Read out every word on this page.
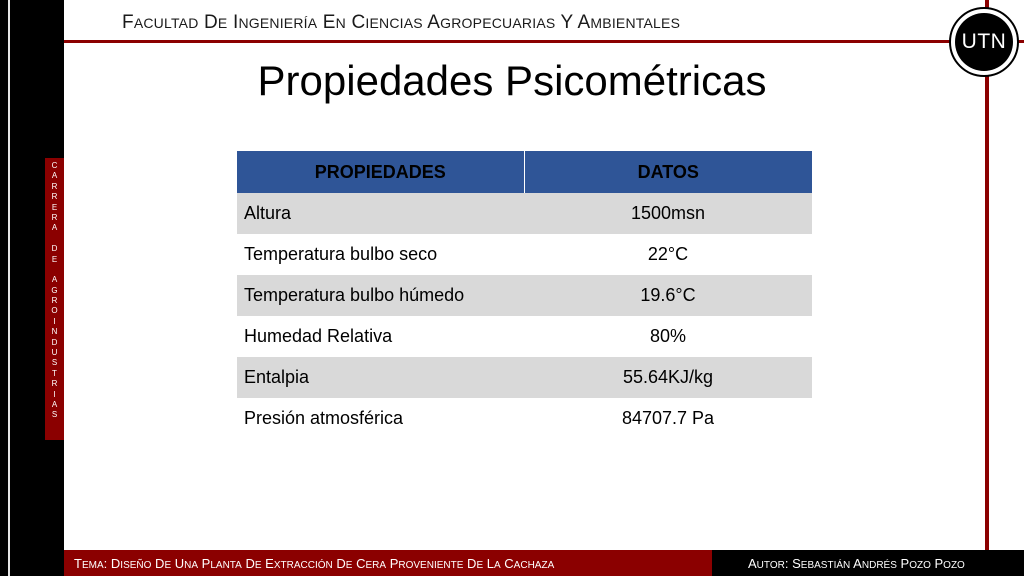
FACULTAD DE INGENIERÍA EN CIENCIAS AGROPECUARIAS Y AMBIENTALES
UTN
Propiedades Psicométricas
C
A
R
R
E
R
A

D
E

A
G
R
O
I
N
D
U
S
T
R
I
A
S
PROPIEDADES	DATOS
Altura	1500msn
Temperatura bulbo seco	22°C
Temperatura bulbo húmedo	19.6°C
Humedad Relativa	80%
Entalpia	55.64KJ/kg
Presión atmosférica	84707.7 Pa
TEMA: DISEÑO DE UNA PLANTA DE EXTRACCIÓN DE CERA PROVENIENTE DE LA CACHAZA	AUTOR: SEBASTIÁN ANDRÉS POZO POZO
